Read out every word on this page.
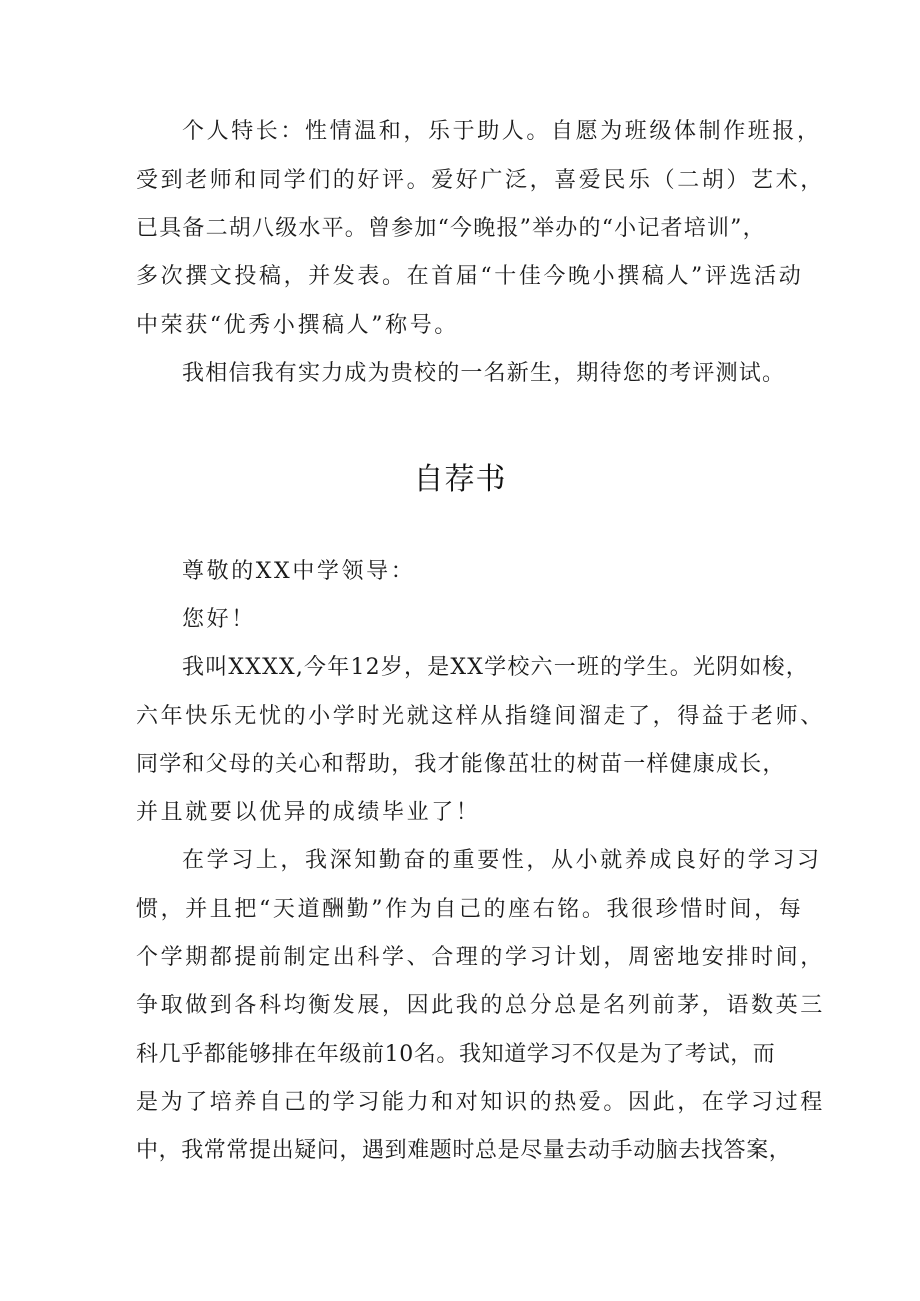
个人特长：性情温和，乐于助人。自愿为班级体制作班报，
受到老师和同学们的好评。爱好广泛，喜爱民乐（二胡）艺术，
已具备二胡八级水平。曾参加“今晚报”举办的“小记者培训”，
多次撰文投稿，并发表。在首届“十佳今晚小撰稿人”评选活动
中荣获“优秀小撰稿人”称号。
我相信我有实力成为贵校的一名新生，期待您的考评测试。
自荐书
尊敬的XX中学领导：
您好！
我叫XXXX,今年12岁，是XX学校六一班的学生。光阴如梭，
六年快乐无忧的小学时光就这样从指缝间溜走了，得益于老师、
同学和父母的关心和帮助，我才能像茁壮的树苗一样健康成长，
并且就要以优异的成绩毕业了！
在学习上，我深知勤奋的重要性，从小就养成良好的学习习
惯，并且把“天道酬勤”作为自己的座右铭。我很珍惜时间，每
个学期都提前制定出科学、合理的学习计划，周密地安排时间，
争取做到各科均衡发展，因此我的总分总是名列前茅，语数英三
科几乎都能够排在年级前10名。我知道学习不仅是为了考试，而
是为了培养自己的学习能力和对知识的热爱。因此，在学习过程
中，我常常提出疑问，遇到难题时总是尽量去动手动脑去找答案，
